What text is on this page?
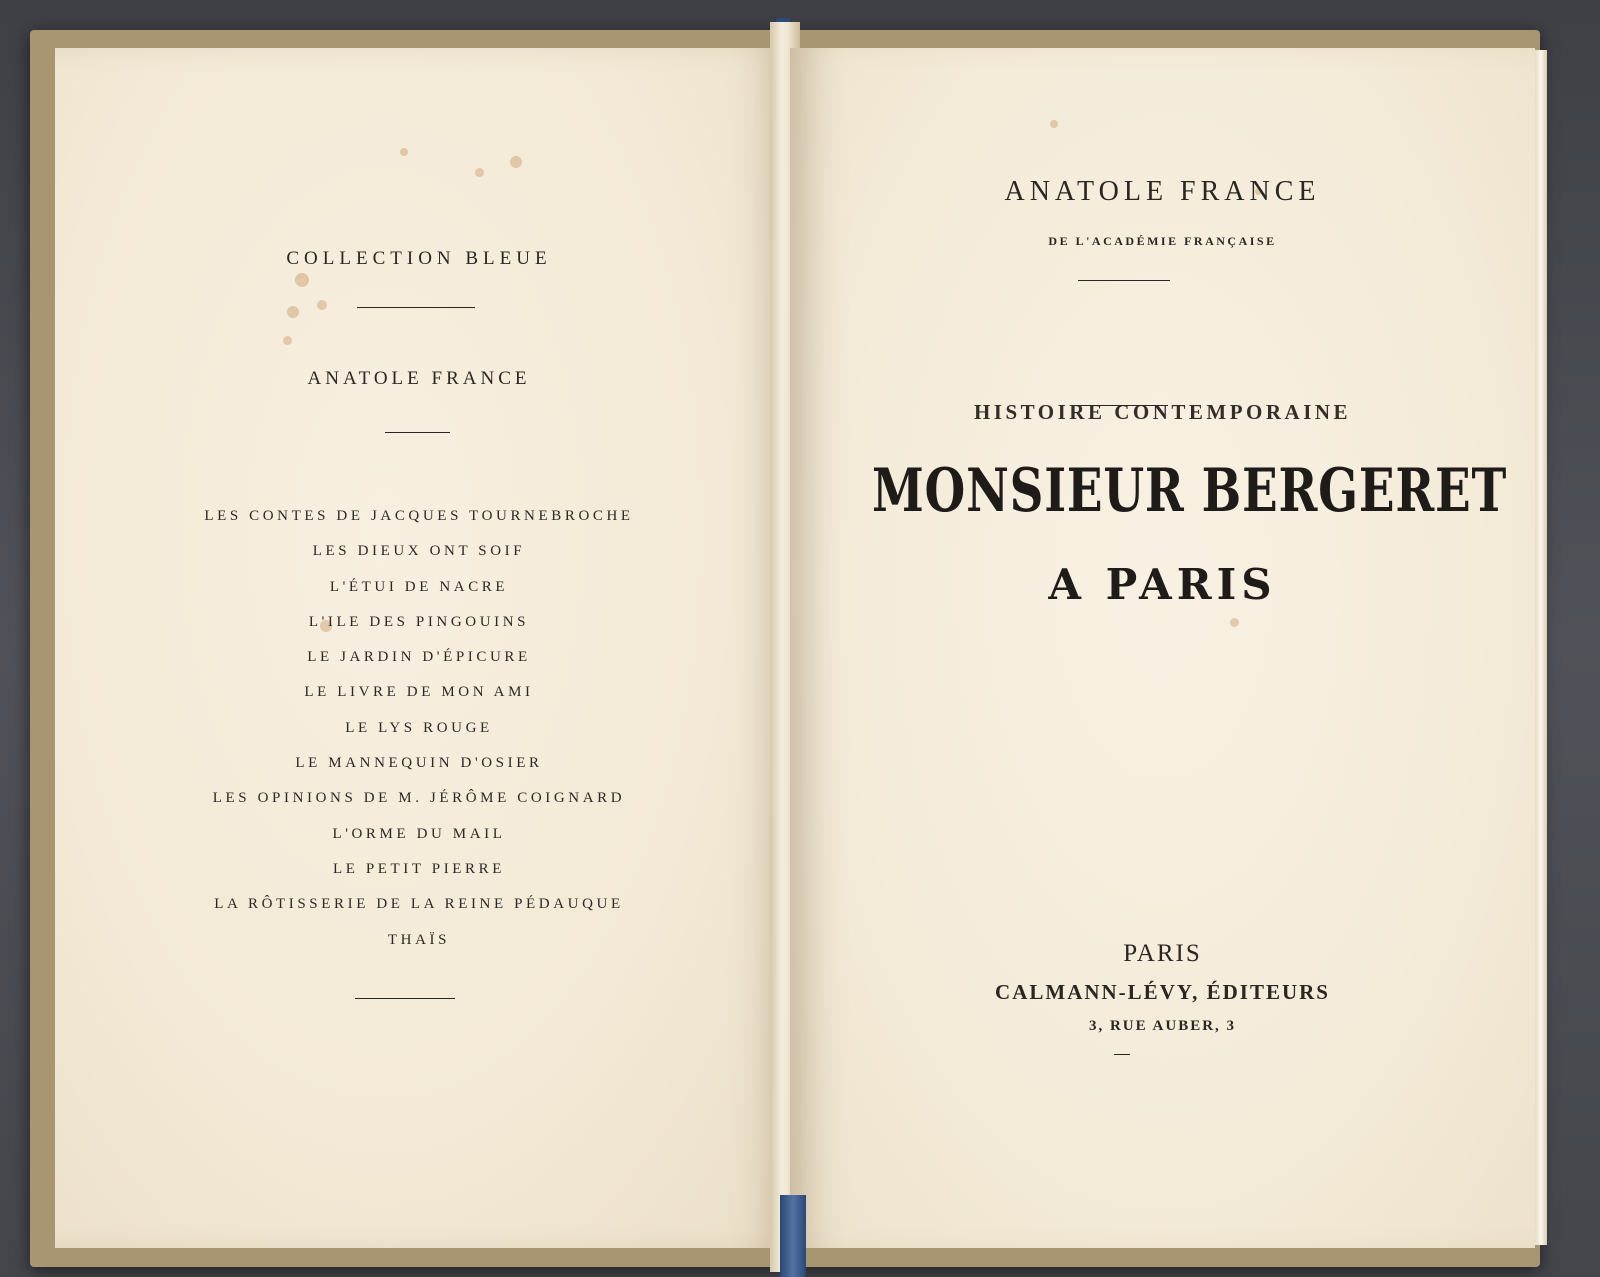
COLLECTION BLEUE
ANATOLE FRANCE
LES CONTES DE JACQUES TOURNEBROCHE
LES DIEUX ONT SOIF
L'ÉTUI DE NACRE
L'ILE DES PINGOUINS
LE JARDIN D'ÉPICURE
LE LIVRE DE MON AMI
LE LYS ROUGE
LE MANNEQUIN D'OSIER
LES OPINIONS DE M. JÉRÔME COIGNARD
L'ORME DU MAIL
LE PETIT PIERRE
LA RÔTISSERIE DE LA REINE PÉDAUQUE
THAÏS
ANATOLE FRANCE
DE L'ACADÉMIE FRANÇAISE
HISTOIRE CONTEMPORAINE
MONSIEUR BERGERET
A PARIS
PARIS
CALMANN-LÉVY, ÉDITEURS
3, RUE AUBER, 3
